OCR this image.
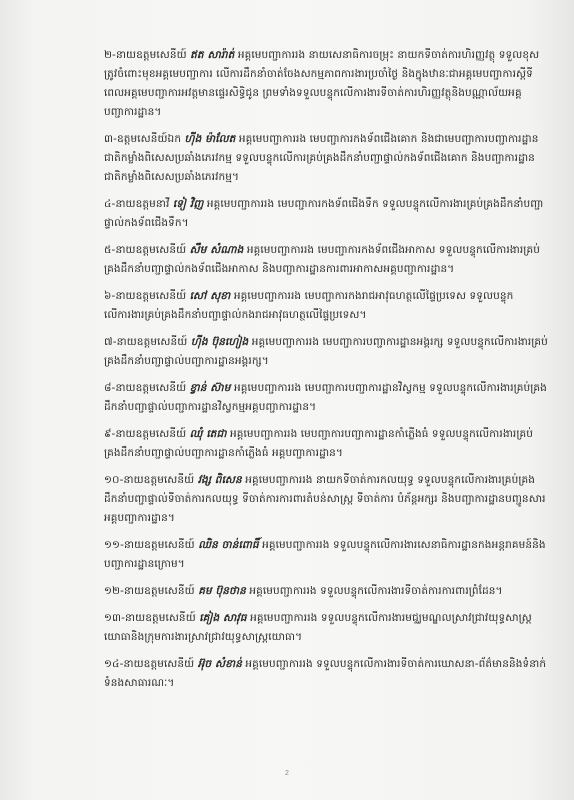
២-នាយឧត្តមសេនីយ៍ ឥត សារ៉ាត់ អគ្គមេបញ្ជាការរង នាយសេនាធិការចម្រុះ នាយកទីចាត់ការហិរញ្ញវត្ថុ ទទួលខុសត្រូវចំពោះមុខអគ្គមេបញ្ជាការ លើការដឹកនាំចាត់ចែងសកម្មភាពការងារប្រចាំថ្ងៃ និងក្នុងឋានៈជាអគ្គមេបញ្ជាការស្តីទី ពេលអគ្គមេបញ្ជាការអវត្តមានផ្ទេរសិទ្ធិជូន ព្រមទាំងទទួលបន្ទុកលើការងារទីចាត់ការហិរញ្ញវត្ថុនិងបណ្ណាល័យអគ្គបញ្ជាការដ្ឋាន។
៣-ឧត្តមសេនីយ៍ឯក ហ៊ីង ម៉ាលែត អគ្គមេបញ្ជាការរង មេបញ្ជាការកងទ័ពជើងគោក និងជាមេបញ្ជាការបញ្ជាការដ្ឋានជាតិកម្លាំងពិសេសប្រឆាំងភេរវកម្ម ទទួលបន្ទុកលើការគ្រប់គ្រងដឹកនាំបញ្ជាផ្ទាល់កងទ័ពជើងគោក និងបញ្ជាការដ្ឋានជាតិកម្លាំងពិសេសប្រឆាំងភេរវកម្ម។
៤-នាយឧត្តមនាវី ទៀ វិញ អគ្គមេបញ្ជាការរង មេបញ្ជាការកងទ័ពជើងទឹក ទទួលបន្ទុកលើការងារគ្រប់គ្រងដឹកនាំបញ្ជាផ្ទាល់កងទ័ពជើងទឹក។
៥-នាយឧត្តមសេនីយ៍ សឹម សំណាង អគ្គមេបញ្ជាការរង មេបញ្ជាការកងទ័ពជើងអាកាស ទទួលបន្ទុកលើការងារគ្រប់គ្រងដឹកនាំបញ្ជាផ្ទាល់កងទ័ពជើងអាកាស និងបញ្ជាការដ្ឋានការពារអាកាសអគ្គបញ្ជាការដ្ឋាន។
៦-នាយឧត្តមសេនីយ៍ សៅ សុខា អគ្គមេបញ្ជាការរង មេបញ្ជាការកងរាជអាវុធហត្ថលើផ្ទៃប្រទេស ទទួលបន្ទុកលើការងារគ្រប់គ្រងដឹកនាំបញ្ជាផ្ទាល់កងរាជអាវុធហត្ថលើផ្ទៃប្រទេស។
៧-នាយឧត្តមសេនីយ៍ ហ៊ីង ប៊ុនហៀង អគ្គមេបញ្ជាការរង មេបញ្ជាការបញ្ជាការដ្ឋានអង្គរក្ស ទទួលបន្ទុកលើការងារគ្រប់គ្រងដឹកនាំបញ្ជាផ្ទាល់បញ្ជាការដ្ឋានអង្គរក្ស។
៨-នាយឧត្តមសេនីយ៍ ខ្វាន់ ស៊ាម អគ្គមេបញ្ជាការរង មេបញ្ជាការបញ្ជាការដ្ឋានវិស្វកម្ម ទទួលបន្ទុកលើការងារគ្រប់គ្រងដឹកនាំបញ្ជាផ្ទាល់បញ្ជាការដ្ឋានវិស្វកម្មអគ្គបញ្ជាការដ្ឋាន។
៩-នាយឧត្តមសេនីយ៍ ឈុំ តេជា អគ្គមេបញ្ជាការរង មេបញ្ជាការបញ្ជាការដ្ឋានកាំភ្លើងធំ ទទួលបន្ទុកលើការងារគ្រប់គ្រងដឹកនាំបញ្ជាផ្ទាល់បញ្ជាការដ្ឋានកាំភ្លើងធំ អគ្គបញ្ជាការដ្ឋាន។
១០-នាយឧត្តមសេនីយ៍ វង្ស ពិសេន អគ្គមេបញ្ជាការរង នាយកទីចាត់ការកលយុទ្ធ ទទួលបន្ទុកលើការងារគ្រប់គ្រងដឹកនាំបញ្ជាផ្ទាល់ទីចាត់ការកលយុទ្ធ ទីចាត់ការការពារតំបន់សាស្ត្រ ទីចាត់ការ បំភ័ន្តអក្សរ និងបញ្ជាការដ្ឋានបញ្ជូនសារ អគ្គបញ្ជាការដ្ឋាន។
១១-នាយឧត្តមសេនីយ៍ ឈិន ចាន់ពោធិ៍ អគ្គមេបញ្ជាការរង ទទួលបន្ទុកលើការងារសេនាធិការដ្ឋានកងអន្តរាគមន៍និងបញ្ជាការដ្ឋានក្រោម។
១២-នាយឧត្តមសេនីយ៍ គម ប៊ុនថាន អគ្គមេបញ្ជាការរង ទទួលបន្ទុកលើការងារទីចាត់ការការពារព្រំដែន។
១៣-នាយឧត្តមសេនីយ៍ គៀង សាវុធ អគ្គមេបញ្ជាការរង ទទួលបន្ទុកលើការងារមជ្ឈមណ្ឌលស្រាវជ្រាវយុទ្ធសាស្ត្រយោធានិងក្រុមការងារស្រាវជ្រាវយុទ្ធសាស្ត្រយោធា។
១៤-នាយឧត្តមសេនីយ៍ អ៊ុច សំខាន់ អគ្គមេបញ្ជាការរង ទទួលបន្ទុកលើការងារទីចាត់ការឃោសនា-ព័ត៌មាននិងទំនាក់ទំនងសាធារណៈ។
2
